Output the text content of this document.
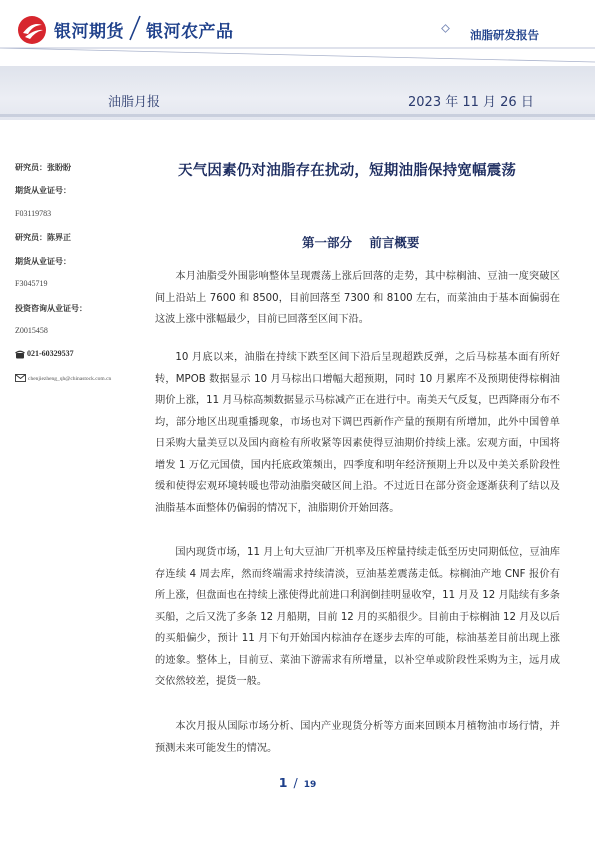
银河期货 银河农产品	油脂研发报告
油脂月报	2023 年 11 月 26 日
研究员：张盼盼
期货从业证号：
F03119783
研究员：陈界正
期货从业证号：
F3045719
投资咨询从业证号：
Z0015458
021-60329537
chenjiezheng_qh@chinastock.com.cn
天气因素仍对油脂存在扰动，短期油脂保持宽幅震荡
第一部分    前言概要

本月油脂受外围影响整体呈现震荡上涨后回落的走势，其中棕榈油、豆油一度突破区间上沿站上 7600 和 8500，目前回落至 7300 和 8100 左右，而菜油由于基本面偏弱在这波上涨中涨幅最少，目前已回落至区间下沿。

10 月底以来，油脂在持续下跌至区间下沿后呈现超跌反弹，之后马棕基本面有所好转，MPOB 数据显示 10 月马棕出口增幅大超预期，同时 10 月累库不及预期使得棕榈油期价上涨，11 月马棕高频数据显示马棕减产正在进行中。南美天气反复，巴西降雨分布不均，部分地区出现重播现象，市场也对下调巴西新作产量的预期有所增加，此外中国曾单日采购大量美豆以及国内商检有所收紧等因素使得豆油期价持续上涨。宏观方面，中国将增发 1 万亿元国债，国内托底政策频出，四季度和明年经济预期上升以及中美关系阶段性缓和使得宏观环境转暖也带动油脂突破区间上沿。不过近日在部分资金逐渐获利了结以及油脂基本面整体仍偏弱的情况下，油脂期价开始回落。

国内现货市场，11 月上旬大豆油厂开机率及压榨量持续走低至历史同期低位，豆油库存连续 4 周去库，然而终端需求持续清淡，豆油基差震荡走低。棕榈油产地 CNF 报价有所上涨，但盘面也在持续上涨使得此前进口利润倒挂明显收窄，11 月及 12 月陆续有多条买船，之后又洗了多条 12 月船期，目前 12 月的买船很少。目前由于棕榈油 12 月及以后的买船偏少，预计 11 月下旬开始国内棕油存在逐步去库的可能，棕油基差目前出现上涨的迹象。整体上，目前豆、菜油下游需求有所增量，以补空单或阶段性采购为主，远月成交依然较差，提货一般。

本次月报从国际市场分析、国内产业现货分析等方面来回顾本月植物油市场行情，并预测未来可能发生的情况。

1 / 19
